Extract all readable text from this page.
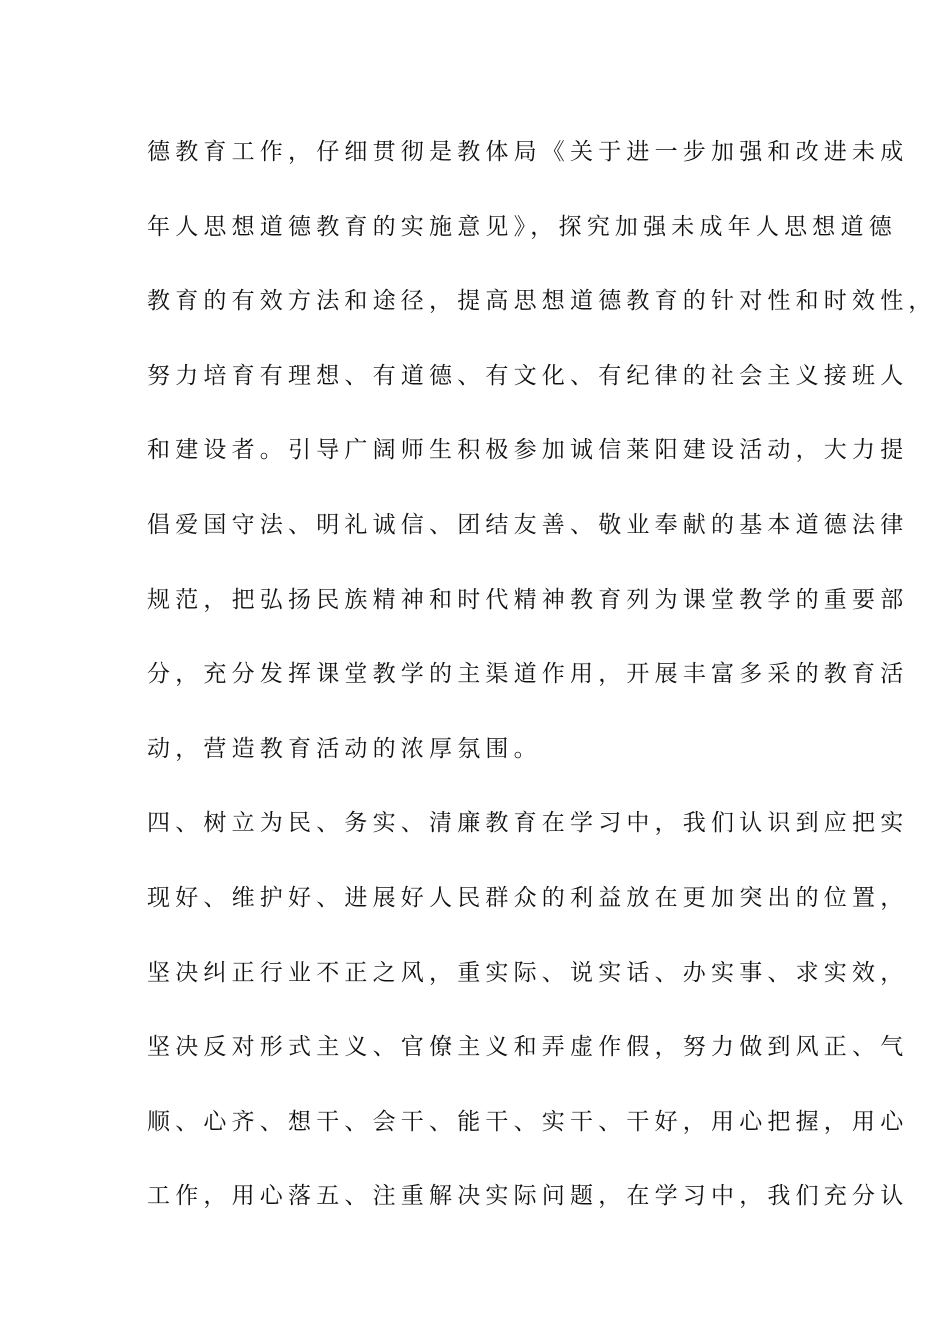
德教育工作，仔细贯彻是教体局《关于进一步加强和改进未成

年人思想道德教育的实施意见》，探究加强未成年人思想道德

教育的有效方法和途径，提高思想道德教育的针对性和时效性，

努力培育有理想、有道德、有文化、有纪律的社会主义接班人

和建设者。引导广阔师生积极参加诚信莱阳建设活动，大力提

倡爱国守法、明礼诚信、团结友善、敬业奉献的基本道德法律

规范，把弘扬民族精神和时代精神教育列为课堂教学的重要部

分，充分发挥课堂教学的主渠道作用，开展丰富多采的教育活

动，营造教育活动的浓厚氛围。

四、树立为民、务实、清廉教育在学习中，我们认识到应把实

现好、维护好、进展好人民群众的利益放在更加突出的位置，

坚决纠正行业不正之风，重实际、说实话、办实事、求实效，

坚决反对形式主义、官僚主义和弄虚作假，努力做到风正、气

顺、心齐、想干、会干、能干、实干、干好，用心把握，用心

工作，用心落五、注重解决实际问题，在学习中，我们充分认
